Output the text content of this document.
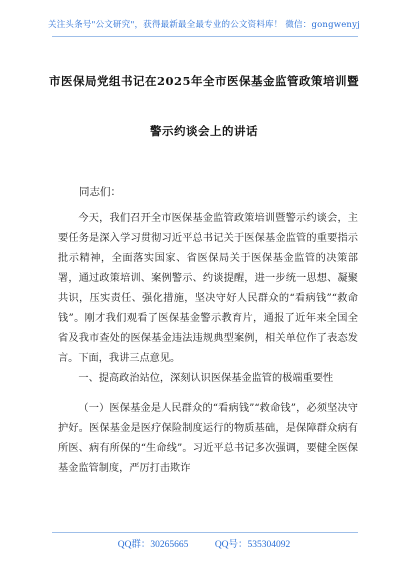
关注头条号"公文研究"，获得最新最全最专业的公文资料库！ 微信：gongwenyj
市医保局党组书记在2025年全市医保基金监管政策培训暨
警示约谈会上的讲话
同志们：

今天，我们召开全市医保基金监管政策培训暨警示约谈会，主要任务是深入学习贯彻习近平总书记关于医保基金监管的重要指示批示精神，全面落实国家、省医保局关于医保基金监管的决策部署，通过政策培训、案例警示、约谈提醒，进一步统一思想、凝聚共识，压实责任、强化措施，坚决守好人民群众的“看病钱”“救命钱”。刚才我们观看了医保基金警示教育片，通报了近年来全国全省及我市查处的医保基金违法违规典型案例，相关单位作了表态发言。下面，我讲三点意见。

一、提高政治站位，深刻认识医保基金监管的极端重要性

（一）医保基金是人民群众的“看病钱”“救命钱”，必须坚决守护好。医保基金是医疗保险制度运行的物质基础，是保障群众病有所医、病有所保的“生命线”。习近平总书记多次强调，要健全医保基金监管制度，严厉打击欺诈

QQ群：30265665	QQ号：535304092
